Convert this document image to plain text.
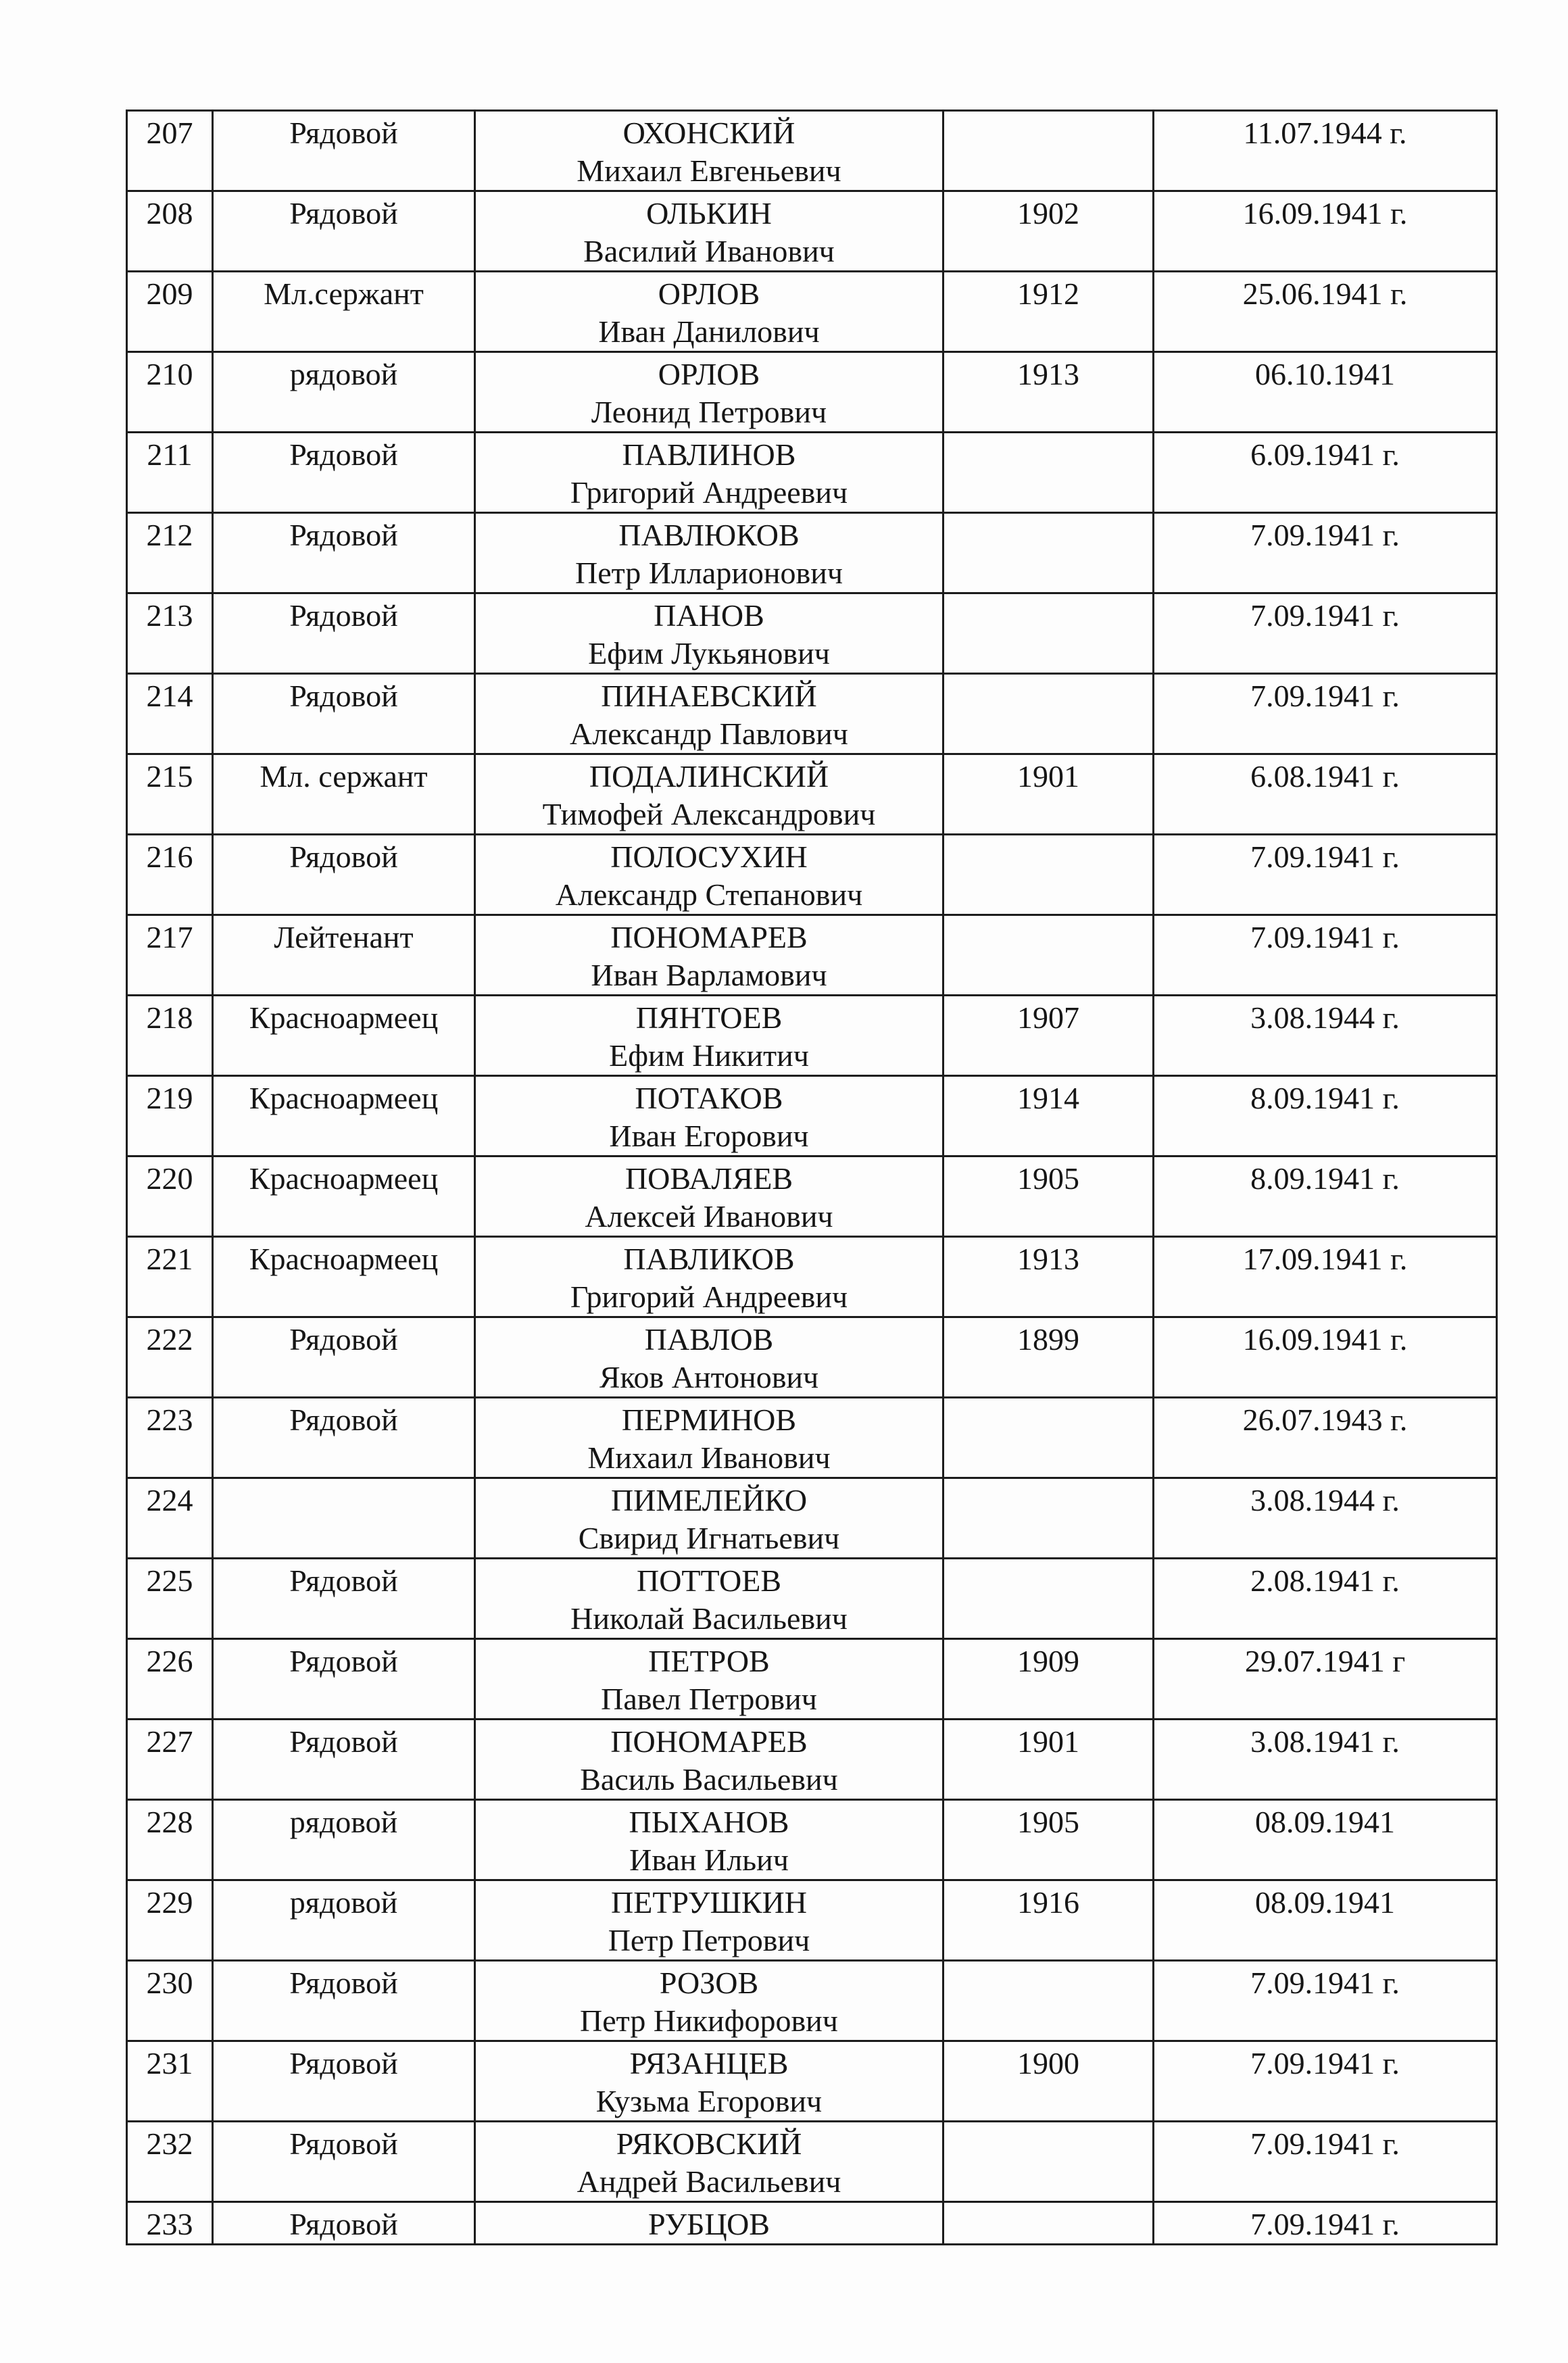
207	Рядовой	ОХОНСКИЙ
Михаил Евгеньевич		11.07.1944 г.

208	Рядовой	ОЛЬКИН
Василий Иванович	1902	16.09.1941 г.

209	Мл.сержант	ОРЛОВ
Иван Данилович	1912	25.06.1941 г.

210	рядовой	ОРЛОВ
Леонид Петрович	1913	06.10.1941

211	Рядовой	ПАВЛИНОВ
Григорий Андреевич		6.09.1941 г.

212	Рядовой	ПАВЛЮКОВ
Петр Илларионович		7.09.1941 г.

213	Рядовой	ПАНОВ
Ефим Лукьянович		7.09.1941 г.

214	Рядовой	ПИНАЕВСКИЙ
Александр Павлович		7.09.1941 г.

215	Мл. сержант	ПОДАЛИНСКИЙ
Тимофей Александрович	1901	6.08.1941 г.

216	Рядовой	ПОЛОСУХИН
Александр Степанович		7.09.1941 г.

217	Лейтенант	ПОНОМАРЕВ
Иван Варламович		7.09.1941 г.

218	Красноармеец	ПЯНТОЕВ
Ефим Никитич	1907	3.08.1944 г.

219	Красноармеец	ПОТАКОВ
Иван Егорович	1914	8.09.1941 г.

220	Красноармеец	ПОВАЛЯЕВ
Алексей Иванович	1905	8.09.1941 г.

221	Красноармеец	ПАВЛИКОВ
Григорий Андреевич	1913	17.09.1941 г.

222	Рядовой	ПАВЛОВ
Яков Антонович	1899	16.09.1941 г.

223	Рядовой	ПЕРМИНОВ
Михаил Иванович		26.07.1943 г.

224		ПИМЕЛЕЙКО
Свирид Игнатьевич		3.08.1944 г.

225	Рядовой	ПОТТОЕВ
Николай Васильевич		2.08.1941 г.

226	Рядовой	ПЕТРОВ
Павел Петрович	1909	29.07.1941 г

227	Рядовой	ПОНОМАРЕВ
Василь Васильевич	1901	3.08.1941 г.

228	рядовой	ПЫХАНОВ
Иван Ильич	1905	08.09.1941

229	рядовой	ПЕТРУШКИН
Петр Петрович	1916	08.09.1941

230	Рядовой	РОЗОВ
Петр Никифорович		7.09.1941 г.

231	Рядовой	РЯЗАНЦЕВ
Кузьма Егорович	1900	7.09.1941 г.

232	Рядовой	РЯКОВСКИЙ
Андрей Васильевич		7.09.1941 г.

233	Рядовой	РУБЦОВ		7.09.1941 г.
